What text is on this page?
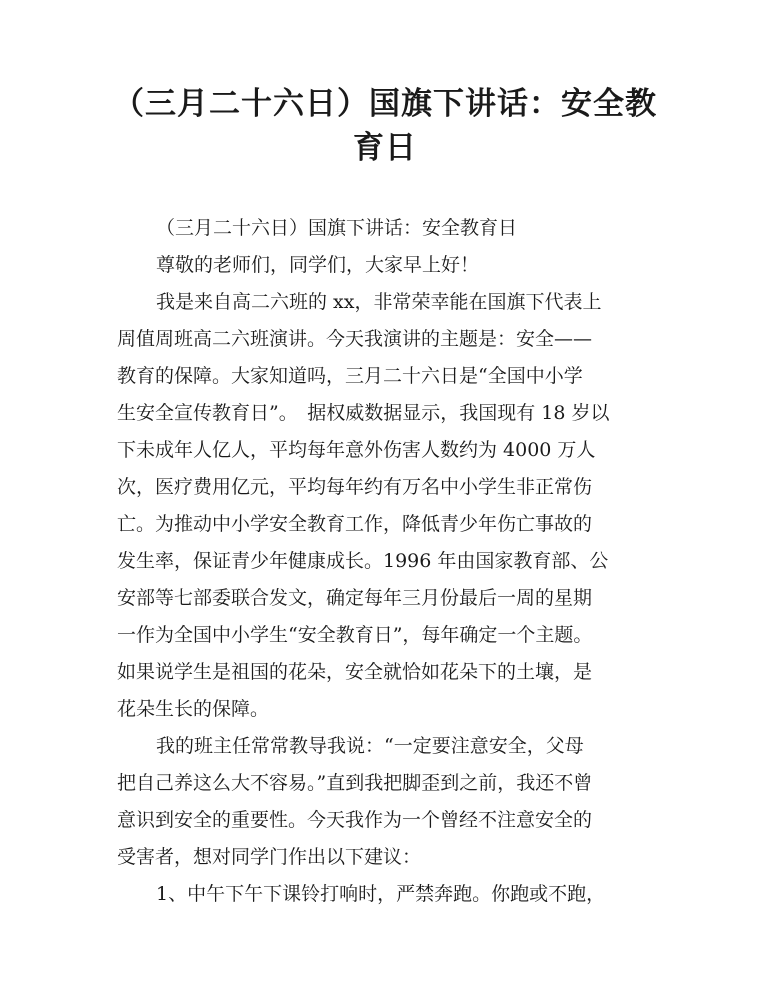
（三月二十六日）国旗下讲话：安全教
育日
（三月二十六日）国旗下讲话：安全教育日
尊敬的老师们，同学们，大家早上好！
我是来自高二六班的 xx，非常荣幸能在国旗下代表上
周值周班高二六班演讲。今天我演讲的主题是：安全——
教育的保障。大家知道吗，三月二十六日是“全国中小学
生安全宣传教育日”。　据权威数据显示，我国现有 18 岁以
下未成年人亿人，平均每年意外伤害人数约为 4000 万人
次，医疗费用亿元，平均每年约有万名中小学生非正常伤
亡。为推动中小学安全教育工作，降低青少年伤亡事故的
发生率，保证青少年健康成长。1996 年由国家教育部、公
安部等七部委联合发文，确定每年三月份最后一周的星期
一作为全国中小学生“安全教育日”，每年确定一个主题。
如果说学生是祖国的花朵，安全就恰如花朵下的土壤，是
花朵生长的保障。
我的班主任常常教导我说：“一定要注意安全，父母
把自己养这么大不容易。”直到我把脚歪到之前，我还不曾
意识到安全的重要性。今天我作为一个曾经不注意安全的
受害者，想对同学门作出以下建议：
1、中午下午下课铃打响时，严禁奔跑。你跑或不跑，
